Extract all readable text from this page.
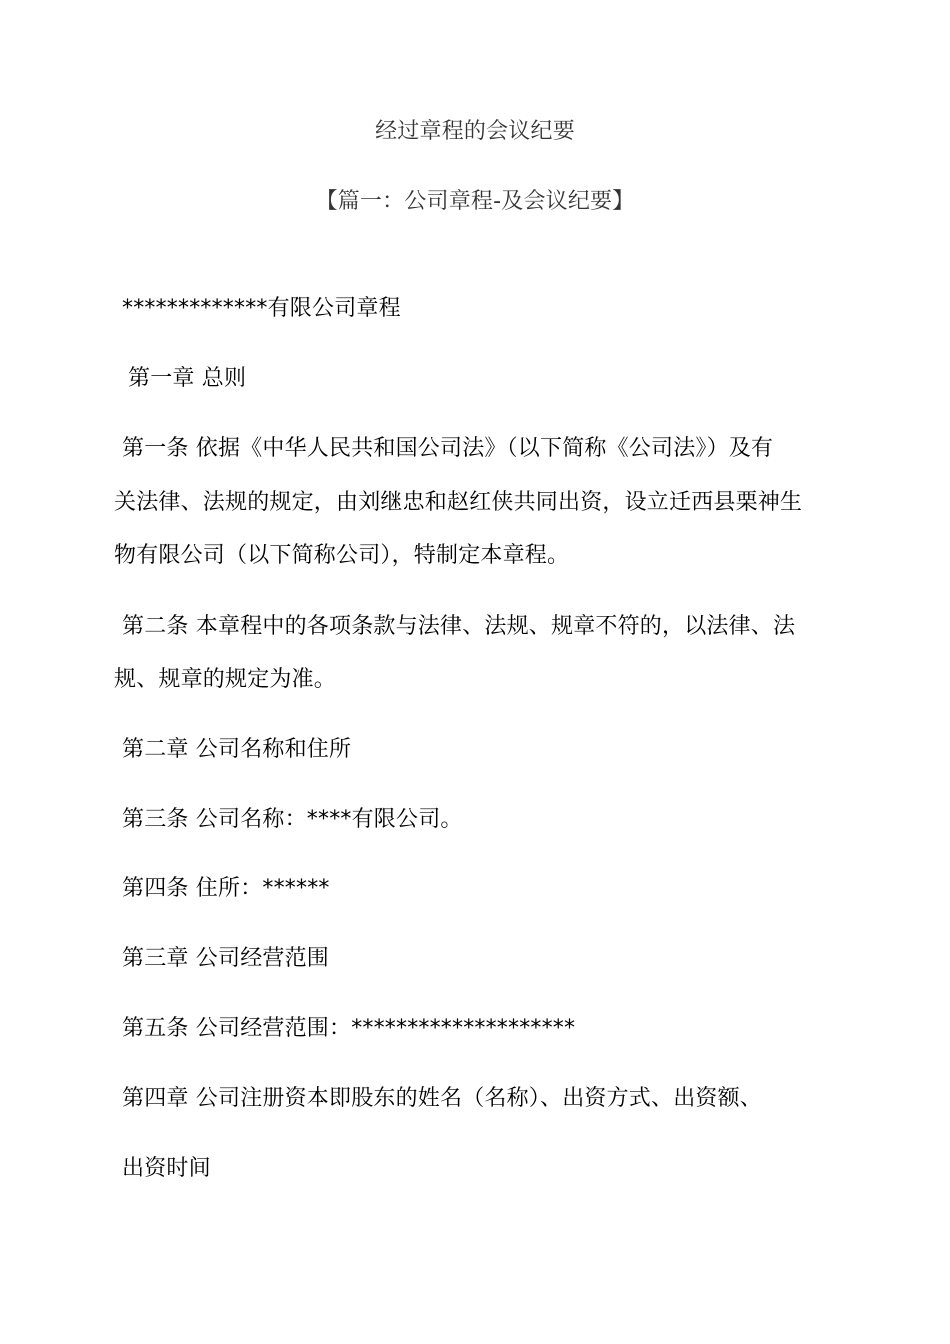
经过章程的会议纪要
【篇一：公司章程-及会议纪要】
*************有限公司章程
第一章 总则
第一条 依据《中华人民共和国公司法》（以下简称《公司法》）及有
关法律、法规的规定，由刘继忠和赵红侠共同出资，设立迁西县栗神生
物有限公司（以下简称公司），特制定本章程。
第二条 本章程中的各项条款与法律、法规、规章不符的，以法律、法
规、规章的规定为准。
第二章 公司名称和住所
第三条 公司名称：****有限公司。
第四条 住所：******
第三章 公司经营范围
第五条 公司经营范围：********************
第四章 公司注册资本即股东的姓名（名称）、出资方式、出资额、
出资时间
